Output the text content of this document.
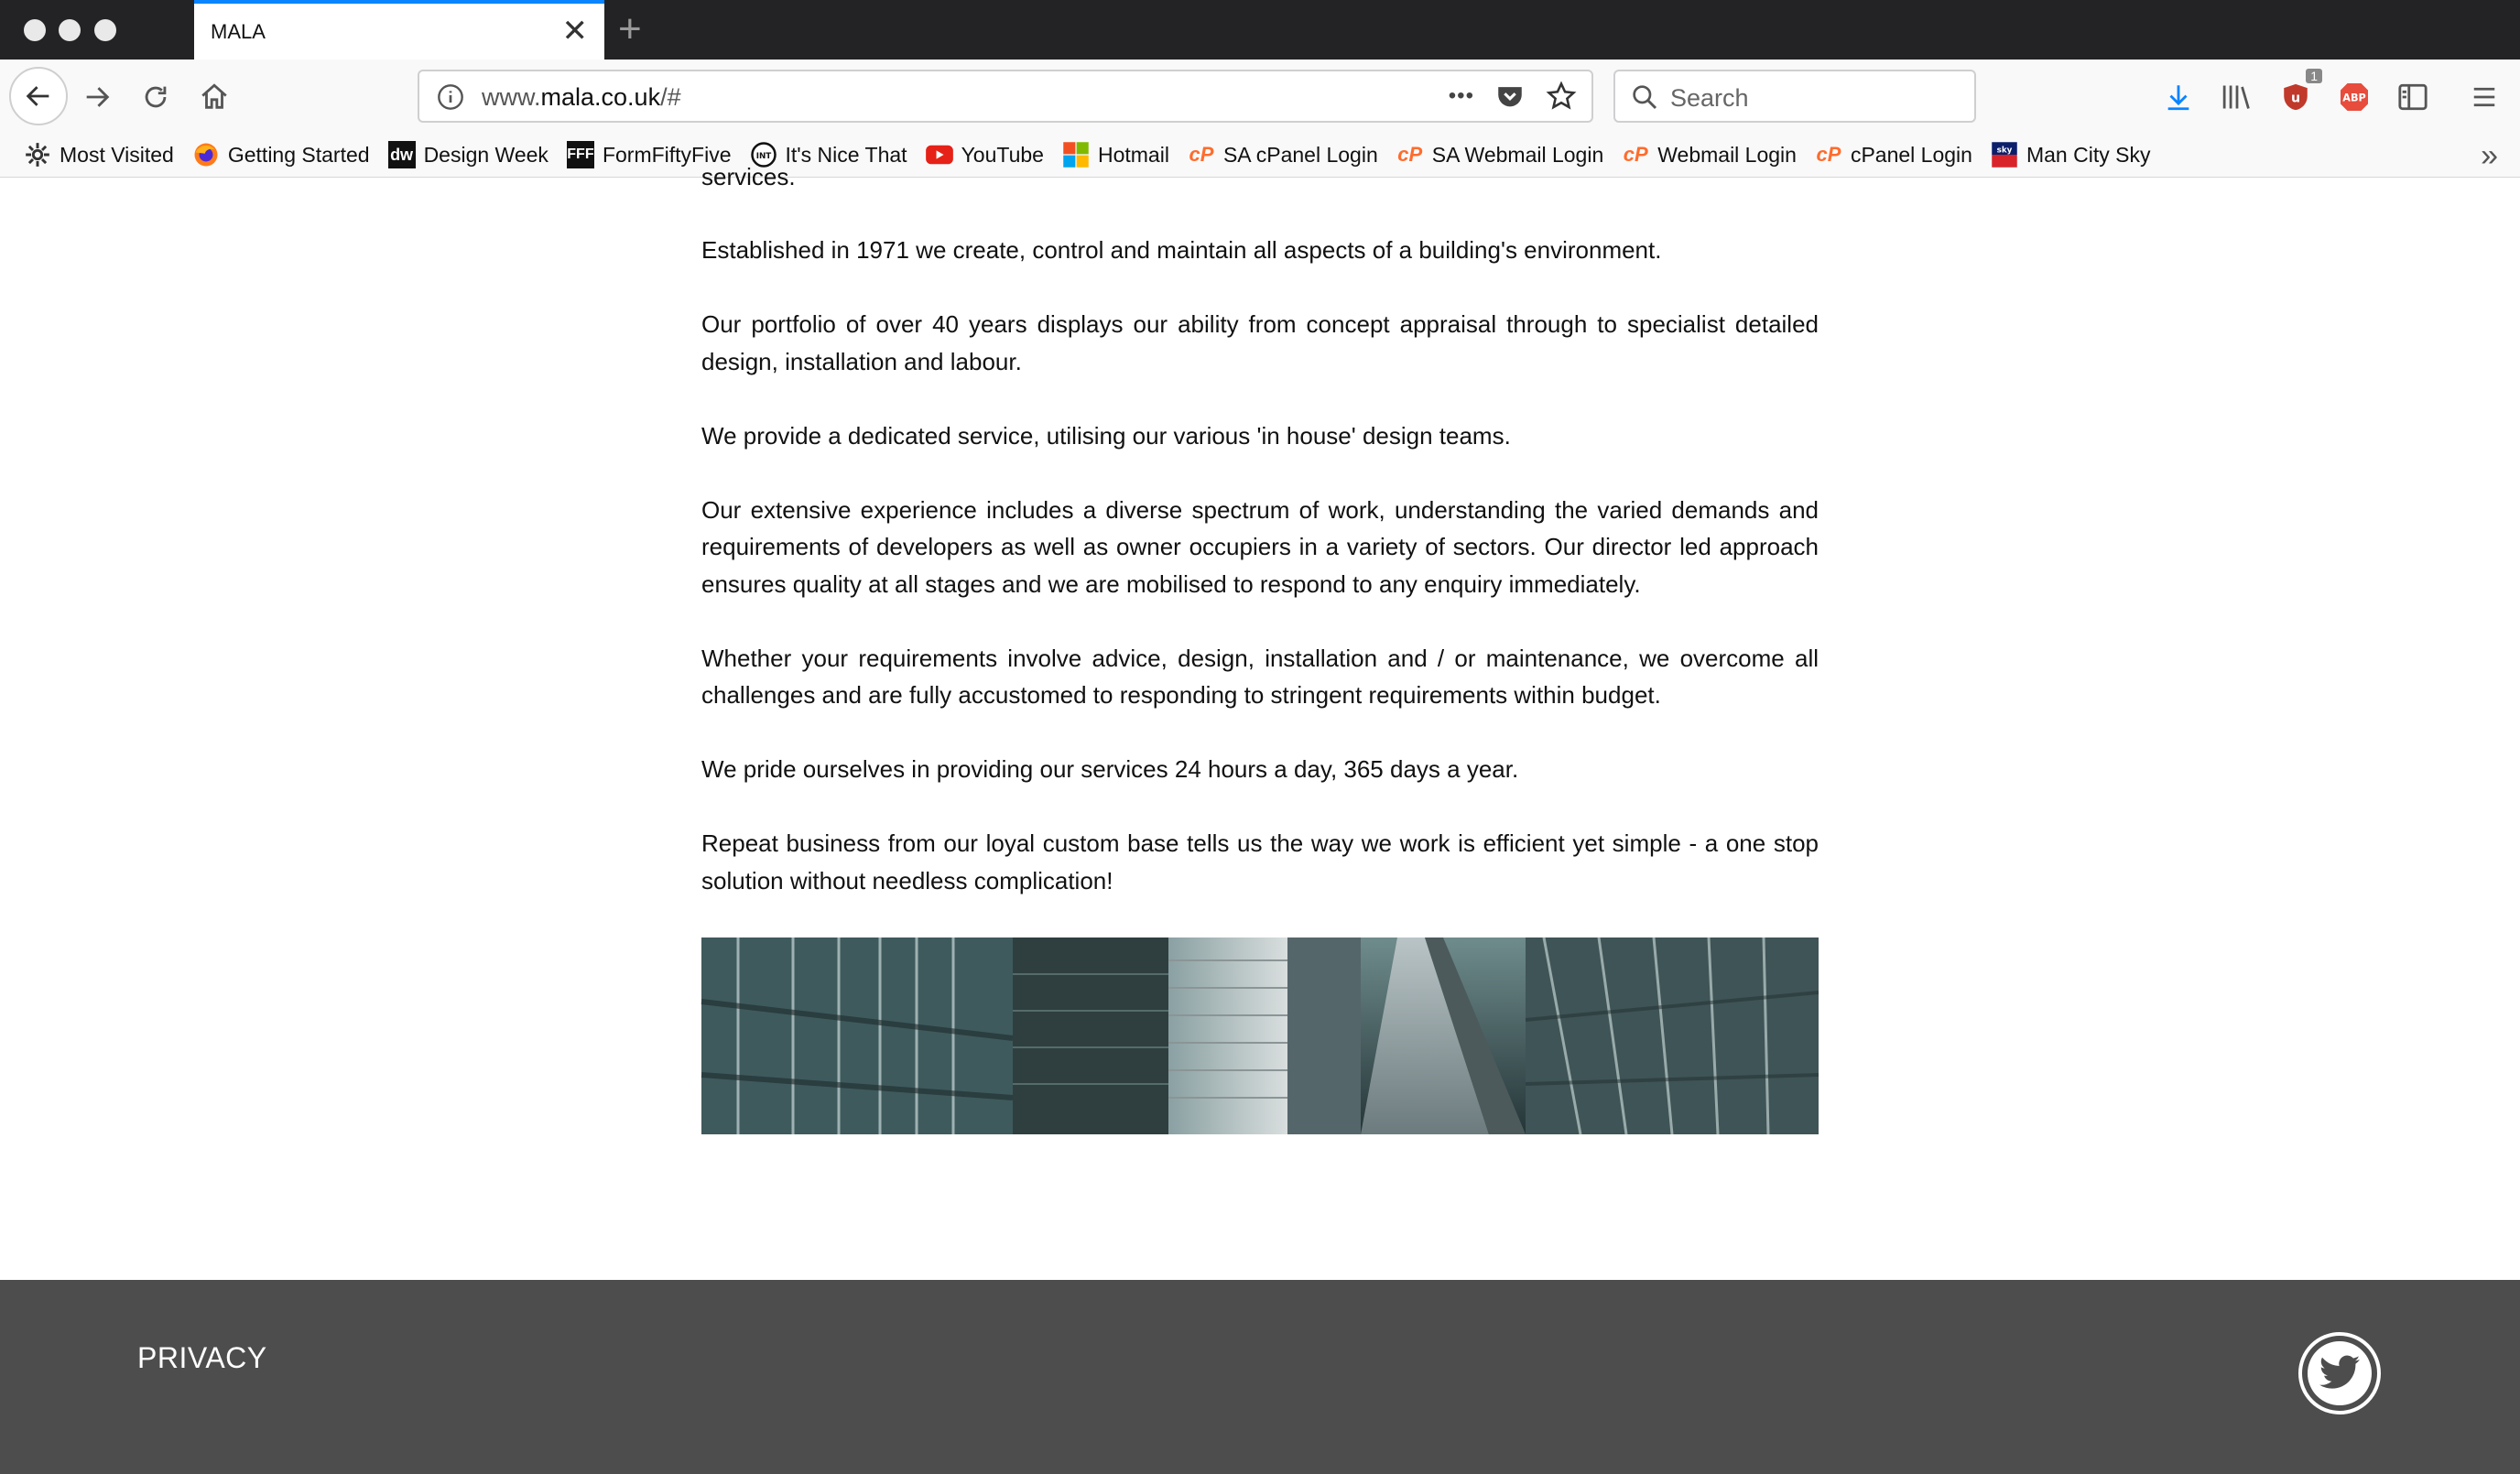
MALA	✕ +
www.mala.co.uk/#	•••	Search	u
1
ABP
Most Visited	Getting Started dw Design Week FFF FormFiftyFive	INT It's Nice That	YouTube	Hotmail cP SA cPanel Login cP SA Webmail Login cP Webmail Login cP cPanel Login	sky Man City Sky	»
services.

Established in 1971 we create, control and maintain all aspects of a building's environment.

Our portfolio of over 40 years displays our ability from concept appraisal through to specialist detailed design, installation and labour.

We provide a dedicated service, utilising our various 'in house' design teams.

Our extensive experience includes a diverse spectrum of work, understanding the varied demands and requirements of developers as well as owner occupiers in a variety of sectors. Our director led approach ensures quality at all stages and we are mobilised to respond to any enquiry immediately.

Whether your requirements involve advice, design, installation and / or maintenance, we overcome all challenges and are fully accustomed to responding to stringent requirements within budget.

We pride ourselves in providing our services 24 hours a day, 365 days a year.

Repeat business from our loyal custom base tells us the way we work is efficient yet simple - a one stop solution without needless complication!

PRIVACY
